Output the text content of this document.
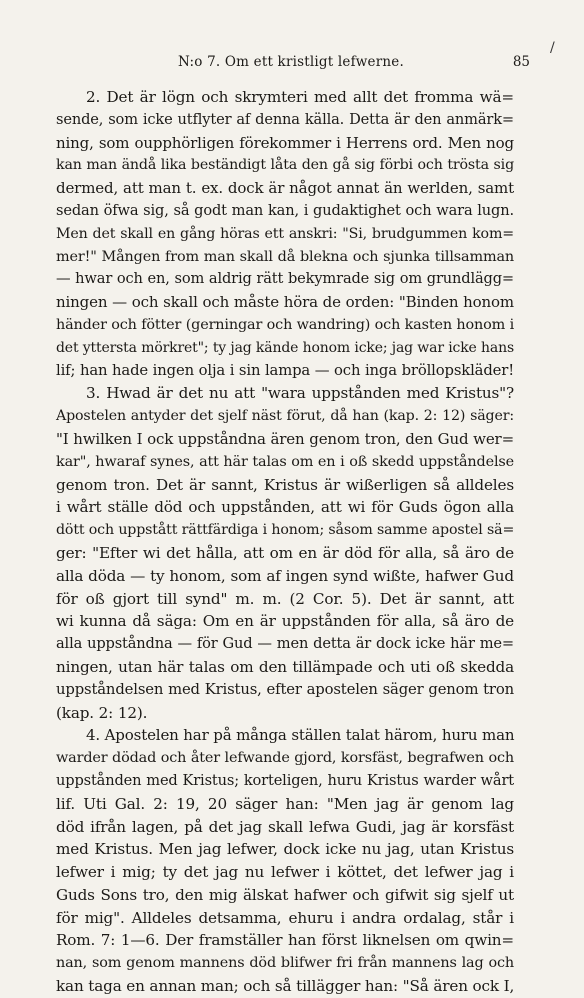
/
N:o 7. Om ett kristligt lefwerne.	85
2. Det är lögn och skrymteri med allt det fromma wä=
sende, som icke utflyter af denna källa. Detta är den anmärk=
ning, som oupphörligen förekommer i Herrens ord. Men nog
kan man ändå lika beständigt låta den gå sig förbi och trösta sig
dermed, att man t. ex. dock är något annat än werlden, samt
sedan öfwa sig, så godt man kan, i gudaktighet och wara lugn.
Men det skall en gång höras ett anskri: "Si, brudgummen kom=
mer!" Mången from man skall då blekna och sjunka tillsamman
— hwar och en, som aldrig rätt bekymrade sig om grundlägg=
ningen — och skall och måste höra de orden: "Binden honom
händer och fötter (gerningar och wandring) och kasten honom i
det yttersta mörkret"; ty jag kände honom icke; jag war icke hans
lif; han hade ingen olja i sin lampa — och inga bröllopskläder!
3. Hwad är det nu att "wara uppstånden med Kristus"?
Apostelen antyder det sjelf näst förut, då han (kap. 2: 12) säger:
"I hwilken I ock uppståndna ären genom tron, den Gud wer=
kar", hwaraf synes, att här talas om en i oß skedd uppståndelse
genom tron. Det är sannt, Kristus är wißerligen så alldeles
i wårt ställe död och uppstånden, att wi för Guds ögon alla
dött och uppstått rättfärdiga i honom; såsom samme apostel sä=
ger: "Efter wi det hålla, att om en är död för alla, så äro de
alla döda — ty honom, som af ingen synd wißte, hafwer Gud
för oß gjort till synd" m. m. (2 Cor. 5). Det är sannt, att
wi kunna då säga: Om en är uppstånden för alla, så äro de
alla uppståndna — för Gud — men detta är dock icke här me=
ningen, utan här talas om den tillämpade och uti oß skedda
uppståndelsen med Kristus, efter apostelen säger genom tron
(kap. 2: 12).
4. Apostelen har på många ställen talat härom, huru man
warder dödad och åter lefwande gjord, korsfäst, begrafwen och
uppstånden med Kristus; korteligen, huru Kristus warder wårt
lif. Uti Gal. 2: 19, 20 säger han: "Men jag är genom lag
död ifrån lagen, på det jag skall lefwa Gudi, jag är korsfäst
med Kristus. Men jag lefwer, dock icke nu jag, utan Kristus
lefwer i mig; ty det jag nu lefwer i köttet, det lefwer jag i
Guds Sons tro, den mig älskat hafwer och gifwit sig sjelf ut
för mig". Alldeles detsamma, ehuru i andra ordalag, står i
Rom. 7: 1—6. Der framställer han först liknelsen om qwin=
nan, som genom mannens död blifwer fri från mannens lag och
kan taga en annan man; och så tillägger han: "Så ären ock I,
